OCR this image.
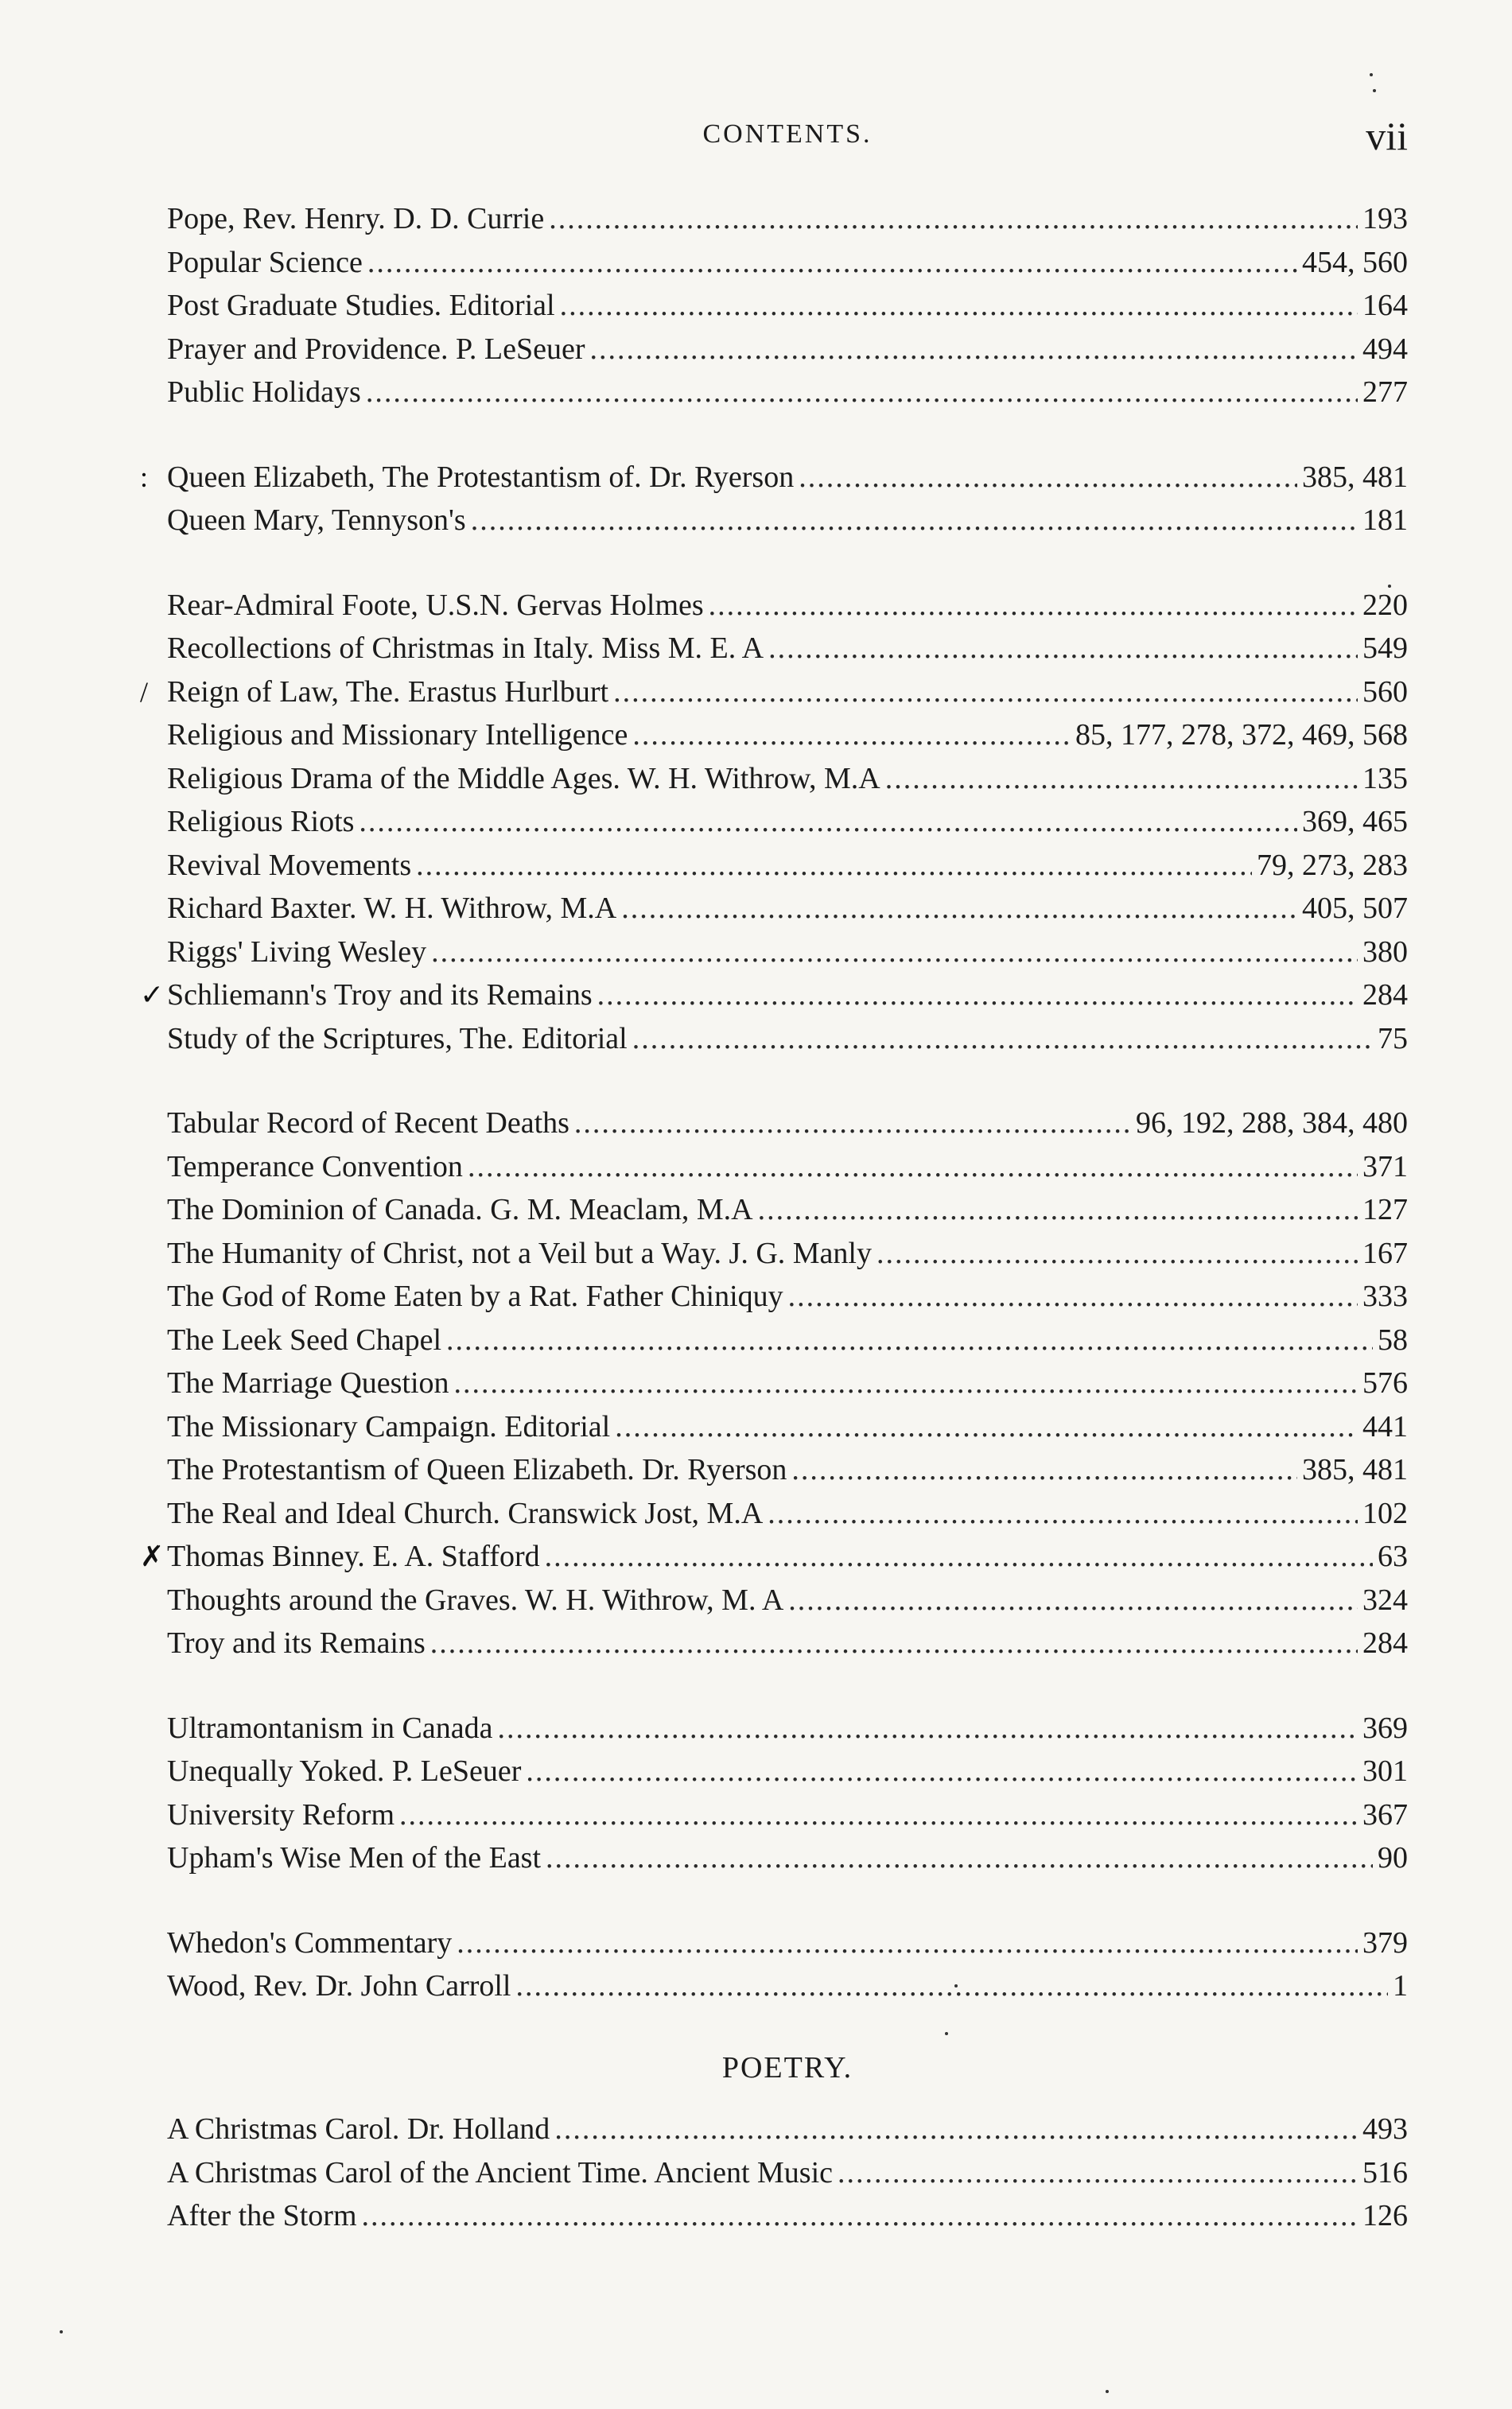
CONTENTS.	vii
Pope, Rev. Henry. D. D. Currie .....	193
Popular Science .....	454, 560
Post Graduate Studies. Editorial .....	164
Prayer and Providence. P. LeSeuer .....	494
Public Holidays .....	277
: Queen Elizabeth, The Protestantism of. Dr. Ryerson .....	385, 481
Queen Mary, Tennyson's .....	181
Rear-Admiral Foote, U.S.N. Gervas Holmes .....	220
Recollections of Christmas in Italy. Miss M. E. A .....	549
/ Reign of Law, The. Erastus Hurlburt .....	560
Religious and Missionary Intelligence .....	85, 177, 278, 372, 469, 568
Religious Drama of the Middle Ages. W. H. Withrow, M.A .....	135
Religious Riots .....	369, 465
Revival Movements .....	79, 273, 283
Richard Baxter. W. H. Withrow, M.A .....	405, 507
Riggs' Living Wesley .....	380
✓ Schliemann's Troy and its Remains .....	284
Study of the Scriptures, The. Editorial .....	75
Tabular Record of Recent Deaths .....	96, 192, 288, 384, 480
Temperance Convention .....	371
The Dominion of Canada. G. M. Meaclam, M.A .....	127
The Humanity of Christ, not a Veil but a Way. J. G. Manly .....	167
The God of Rome Eaten by a Rat. Father Chiniquy .....	333
The Leek Seed Chapel .....	58
The Marriage Question .....	576
The Missionary Campaign. Editorial .....	441
The Protestantism of Queen Elizabeth. Dr. Ryerson .....	385, 481
The Real and Ideal Church. Cranswick Jost, M.A .....	102
✗ Thomas Binney. E. A. Stafford .....	63
Thoughts around the Graves. W. H. Withrow, M. A .....	324
Troy and its Remains .....	284
Ultramontanism in Canada .....	369
Unequally Yoked. P. LeSeuer .....	301
University Reform .....	367
Upham's Wise Men of the East .....	90
Whedon's Commentary .....	379
Wood, Rev. Dr. John Carroll .....	1
POETRY.
A Christmas Carol. Dr. Holland .....	493
A Christmas Carol of the Ancient Time. Ancient Music .....	516
After the Storm .....	126
